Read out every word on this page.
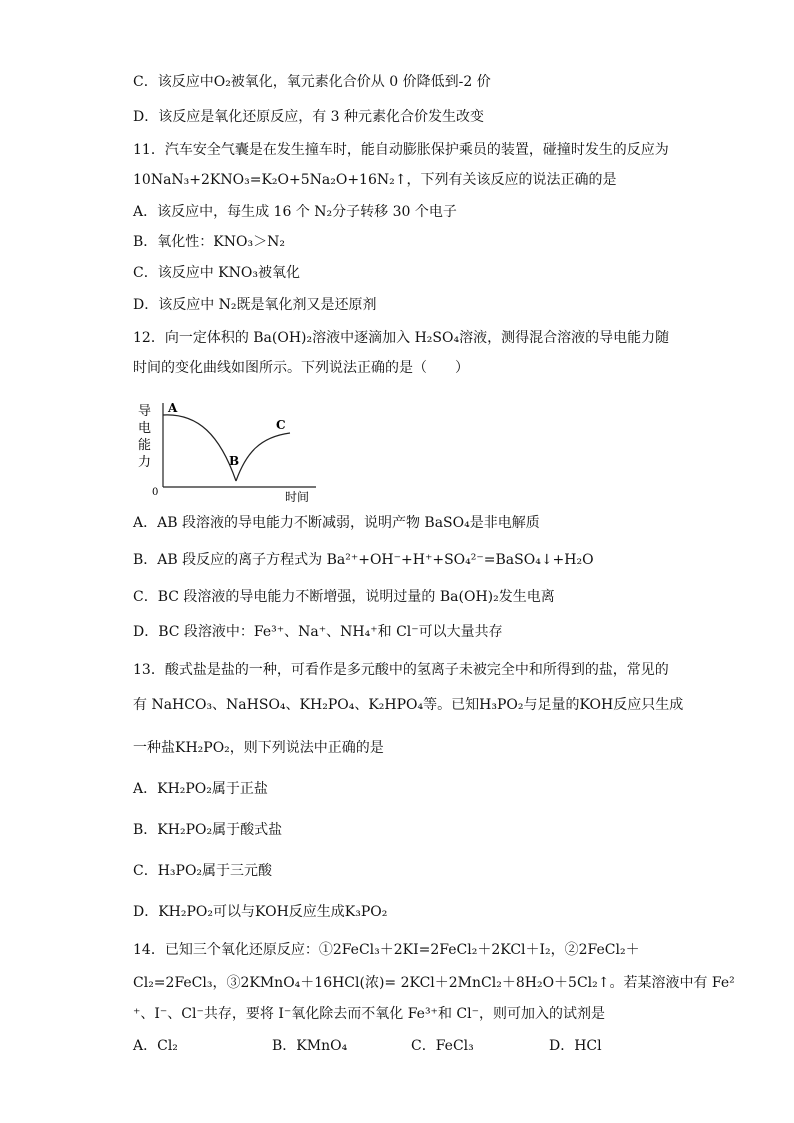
C．该反应中O₂被氧化，氧元素化合价从 0 价降低到-2 价
D．该反应是氧化还原反应，有 3 种元素化合价发生改变
11．汽车安全气囊是在发生撞车时，能自动膨胀保护乘员的装置，碰撞时发生的反应为
10NaN₃+2KNO₃=K₂O+5Na₂O+16N₂↑，下列有关该反应的说法正确的是
A．该反应中，每生成 16 个 N₂分子转移 30 个电子
B．氧化性：KNO₃＞N₂
C．该反应中 KNO₃被氧化
D．该反应中 N₂既是氧化剂又是还原剂
12．向一定体积的 Ba(OH)₂溶液中逐滴加入 H₂SO₄溶液，测得混合溶液的导电能力随
时间的变化曲线如图所示。下列说法正确的是（　　）
导
电
能
力
A
B
C
0	时间
A．AB 段溶液的导电能力不断减弱，说明产物 BaSO₄是非电解质
B．AB 段反应的离子方程式为 Ba²⁺+OH⁻+H⁺+SO₄²⁻=BaSO₄↓+H₂O
C．BC 段溶液的导电能力不断增强，说明过量的 Ba(OH)₂发生电离
D．BC 段溶液中：Fe³⁺、Na⁺、NH₄⁺和 Cl⁻可以大量共存
13．酸式盐是盐的一种，可看作是多元酸中的氢离子未被完全中和所得到的盐，常见的
有 NaHCO₃、NaHSO₄、KH₂PO₄、K₂HPO₄等。已知H₃PO₂与足量的KOH反应只生成
一种盐KH₂PO₂，则下列说法中正确的是
A．KH₂PO₂属于正盐
B．KH₂PO₂属于酸式盐
C．H₃PO₂属于三元酸
D．KH₂PO₂可以与KOH反应生成K₃PO₂
14．已知三个氧化还原反应：①2FeCl₃＋2KI=2FeCl₂＋2KCl＋I₂，②2FeCl₂＋
Cl₂=2FeCl₃，③2KMnO₄＋16HCl(浓)= 2KCl＋2MnCl₂＋8H₂O＋5Cl₂↑。若某溶液中有 Fe²
⁺、I⁻、Cl⁻共存，要将 I⁻氧化除去而不氧化 Fe³⁺和 Cl⁻，则可加入的试剂是
A．Cl₂	B．KMnO₄	C．FeCl₃	D．HCl
